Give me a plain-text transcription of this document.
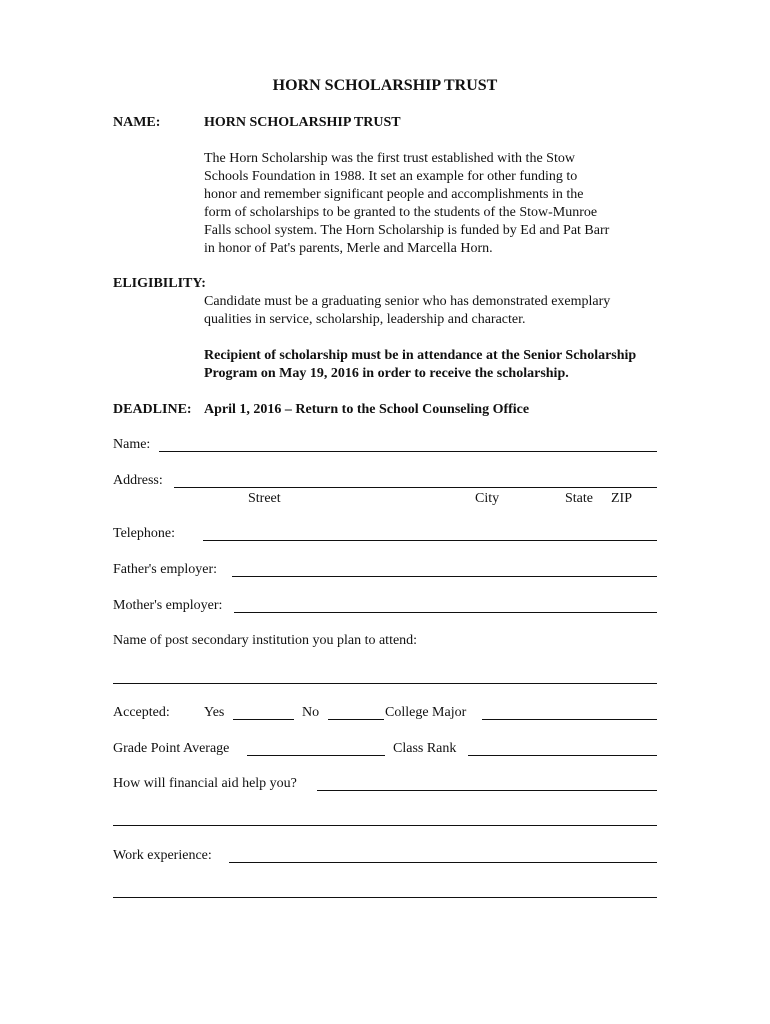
HORN SCHOLARSHIP TRUST
NAME:	HORN SCHOLARSHIP TRUST
The Horn Scholarship was the first trust established with the Stow
Schools Foundation in 1988. It set an example for other funding to
honor and remember significant people and accomplishments in the
form of scholarships to be granted to the students of the Stow-Munroe
Falls school system. The Horn Scholarship is funded by Ed and Pat Barr
in honor of Pat's parents, Merle and Marcella Horn.
ELIGIBILITY:
Candidate must be a graduating senior who has demonstrated exemplary
qualities in service, scholarship, leadership and character.
Recipient of scholarship must be in attendance at the Senior Scholarship
Program on May 19, 2016 in order to receive the scholarship.
DEADLINE: April 1, 2016 – Return to the School Counseling Office
Name:
Address:
Street	City	State ZIP
Telephone:
Father's employer:
Mother's employer:
Name of post secondary institution you plan to attend:
Accepted: Yes	No	College Major
Grade Point Average	Class Rank
How will financial aid help you?
Work experience:
